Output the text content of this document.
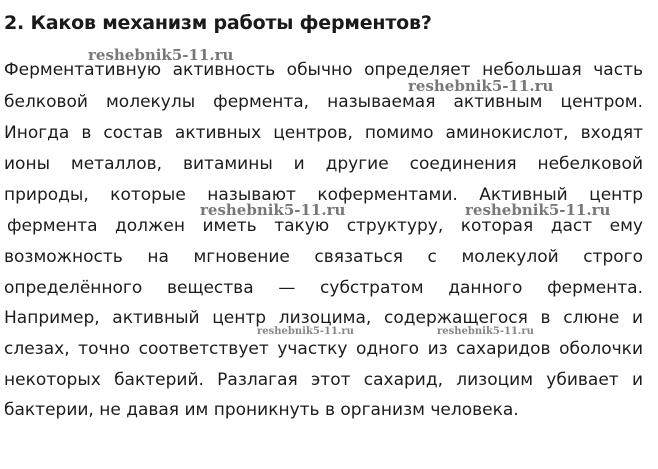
2. Каков механизм работы ферментов?
Ферментативную активность обычно определяет небольшая часть
белковой молекулы фермента, называемая активным центром.
Иногда в состав активных центров, помимо аминокислот, входят
ионы металлов, витамины и другие соединения небелковой
природы, которые называют коферментами. Активный центр
фермента должен иметь такую структуру, которая даст ему
возможность на мгновение связаться с молекулой строго
определённого вещества — субстратом данного фермента.
Например, активный центр лизоцима, содержащегося в слюне и
слезах, точно соответствует участку одного из сахаридов оболочки
некоторых бактерий. Разлагая этот сахарид, лизоцим убивает и
бактерии, не давая им проникнуть в организм человека.
reshebnik5-11.ru
reshebnik5-11.ru
reshebnik5-11.ru	reshebnik5-11.ru
reshebnik5-11.ru	reshebnik5-11.ru
